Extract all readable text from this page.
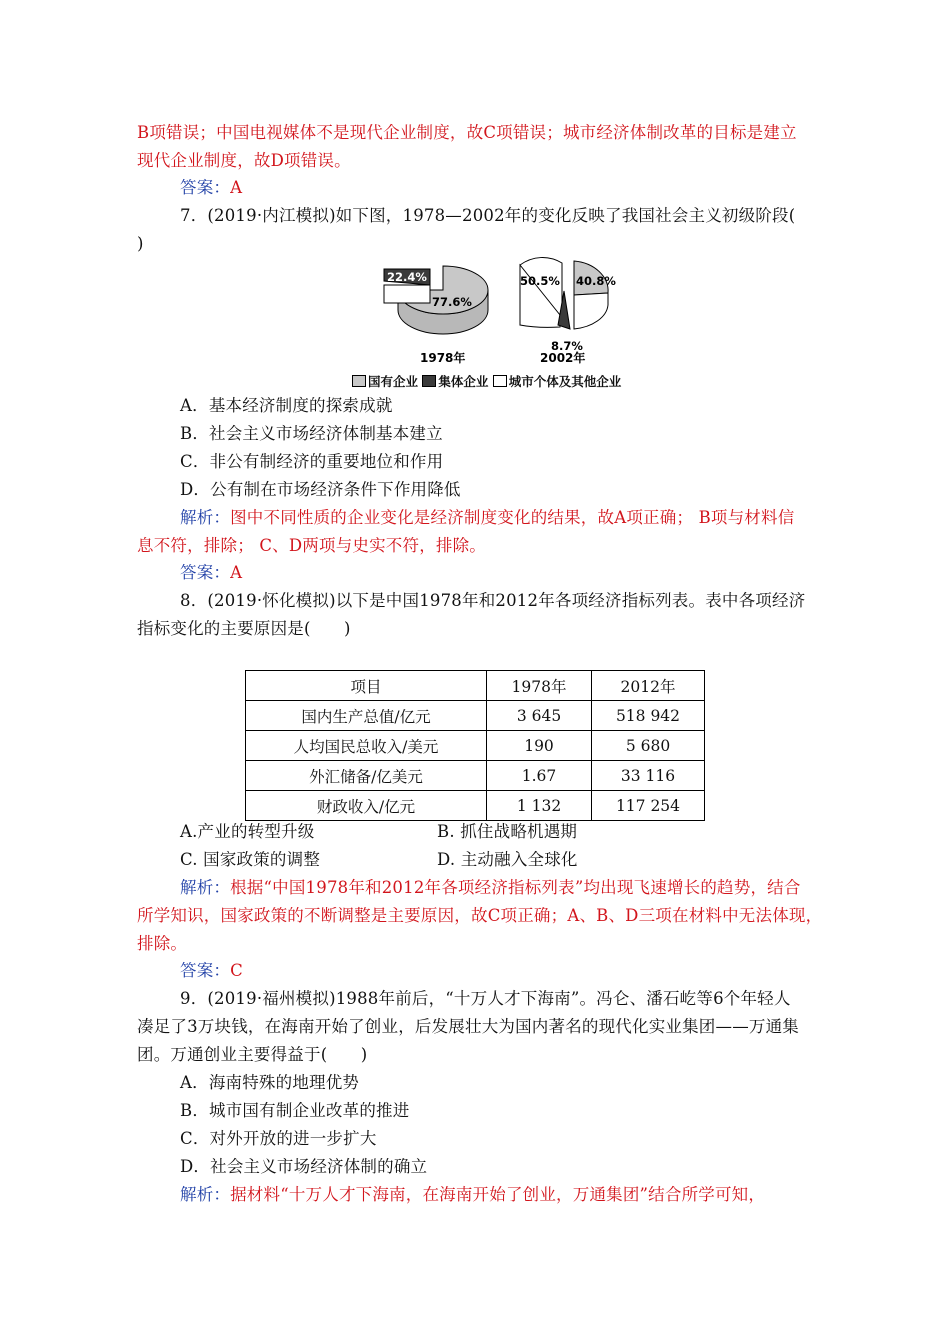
B项错误；中国电视媒体不是现代企业制度，故C项错误；城市经济体制改革的目标是建立
现代企业制度，故D项错误。
答案：A
7．(2019·内江模拟)如下图，1978—2002年的变化反映了我国社会主义初级阶段(
)
77.6%
22.4%
1978年
50.5% 40.8%
8.7%
2002年
国有企业 集体企业 城市个体及其他企业
A．基本经济制度的探索成就
B．社会主义市场经济体制基本建立
C．非公有制经济的重要地位和作用
D．公有制在市场经济条件下作用降低
解析：图中不同性质的企业变化是经济制度变化的结果，故A项正确； B项与材料信
息不符，排除； C、D两项与史实不符，排除。
答案：A
8．(2019·怀化模拟)以下是中国1978年和2012年各项经济指标列表。表中各项经济
指标变化的主要原因是(　　)
项目	1978年	2012年
国内生产总值/亿元	3 645	518 942
人均国民总收入/美元	190	5 680
外汇储备/亿美元	1.67	33 116
财政收入/亿元	1 132	117 254
A.产业的转型升级	B. 抓住战略机遇期
C. 国家政策的调整	D. 主动融入全球化
解析：根据“中国1978年和2012年各项经济指标列表”均出现飞速增长的趋势，结合
所学知识，国家政策的不断调整是主要原因，故C项正确；A、B、D三项在材料中无法体现，
排除。
答案：C
9．(2019·福州模拟)1988年前后，“十万人才下海南”。冯仑、潘石屹等6个年轻人
凑足了3万块钱，在海南开始了创业，后发展壮大为国内著名的现代化实业集团——万通集
团。万通创业主要得益于(　　)
A．海南特殊的地理优势
B．城市国有制企业改革的推进
C．对外开放的进一步扩大
D．社会主义市场经济体制的确立
解析：据材料“十万人才下海南，在海南开始了创业，万通集团”结合所学可知，
